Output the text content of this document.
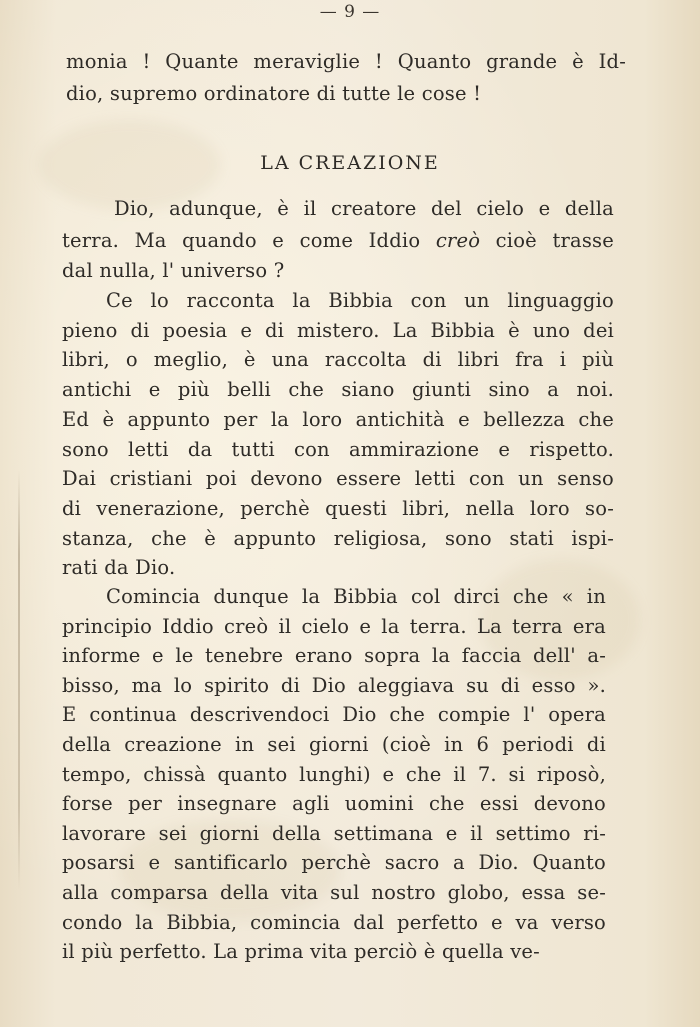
— 9 —
monia ! Quante meraviglie ! Quanto grande è Id-
dio, supremo ordinatore di tutte le cose !
LA CREAZIONE
Dio, adunque, è il creatore del cielo e della
terra. Ma quando e come Iddio creò cioè trasse
dal nulla, l' universo ?
Ce lo racconta la Bibbia con un linguaggio
pieno di poesia e di mistero. La Bibbia è uno dei
libri, o meglio, è una raccolta di libri fra i più
antichi e più belli che siano giunti sino a noi.
Ed è appunto per la loro antichità e bellezza che
sono letti da tutti con ammirazione e rispetto.
Dai cristiani poi devono essere letti con un senso
di venerazione, perchè questi libri, nella loro so-
stanza, che è appunto religiosa, sono stati ispi-
rati da Dio.
Comincia dunque la Bibbia col dirci che « in
principio Iddio creò il cielo e la terra. La terra era
informe e le tenebre erano sopra la faccia dell' a-
bisso, ma lo spirito di Dio aleggiava su di esso ».
E continua descrivendoci Dio che compie l' opera
della creazione in sei giorni (cioè in 6 periodi di
tempo, chissà quanto lunghi) e che il 7. si riposò,
forse per insegnare agli uomini che essi devono
lavorare sei giorni della settimana e il settimo ri-
posarsi e santificarlo perchè sacro a Dio. Quanto
alla comparsa della vita sul nostro globo, essa se-
condo la Bibbia, comincia dal perfetto e va verso
il più perfetto. La prima vita perciò è quella ve-
